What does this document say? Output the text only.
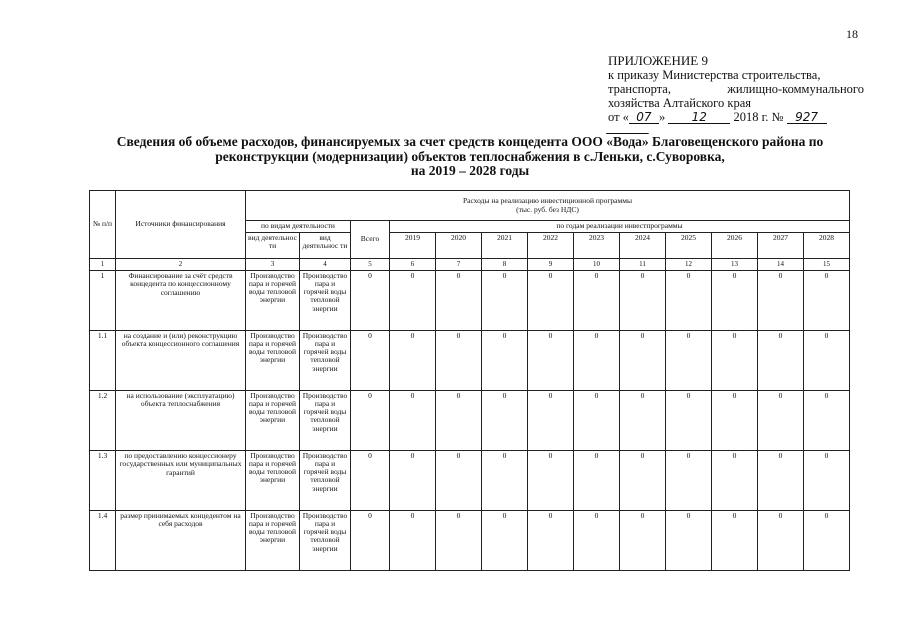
18
ПРИЛОЖЕНИЕ 9
к приказу Министерства строительства,
транспорта, жилищно-коммунального
хозяйства Алтайского края
от « 07 » 12 2018 г. № 927
Сведения об объеме расходов, финансируемых за счет средств концедента ООО «Вода» Благовещенского района по
реконструкции (модернизации) объектов теплоснабжения в с.Леньки, с.Суворовка,
на 2019 – 2028 годы
№ п/п	Источники финансирования	Расходы на реализацию инвестиционной программы
(тыс. руб. без НДС)												

		по видам деятельности		Всего	по годам реализации инвестпрограммы									
		вид деятельнос ти	вид деятельнос ти		2019	2020	2021	2022	2023	2024	2025	2026	2027	2028
1	2	3	4	5	6	7	8	9	10	11	12	13	14	15
1	Финансирование за счёт средств концедента по концессионному соглашению	Производство пара и горячей воды тепловой энергии	Производство пара и горячей воды тепловой энергии	0	0	0	0	0	0	0	0	0	0	0
1.1	на создание и (или) реконструкцию объекта концессионного соглашения	Производство пара и горячей воды тепловой энергии	Производство пара и горячей воды тепловой энергии	0	0	0	0	0	0	0	0	0	0	0
1.2	на использование (эксплуатацию) объекта теплоснабжения	Производство пара и горячей воды тепловой энергии	Производство пара и горячей воды тепловой энергии	0	0	0	0	0	0	0	0	0	0	0
1.3	по предоставлению концессионеру государственных или муниципальных гарантий	Производство пара и горячей воды тепловой энергии	Производство пара и горячей воды тепловой энергии	0	0	0	0	0	0	0	0	0	0	0
1.4	размер принимаемых концедентом на себя расходов	Производство пара и горячей воды тепловой энергии	Производство пара и горячей воды тепловой энергии	0	0	0	0	0	0	0	0	0	0	0
